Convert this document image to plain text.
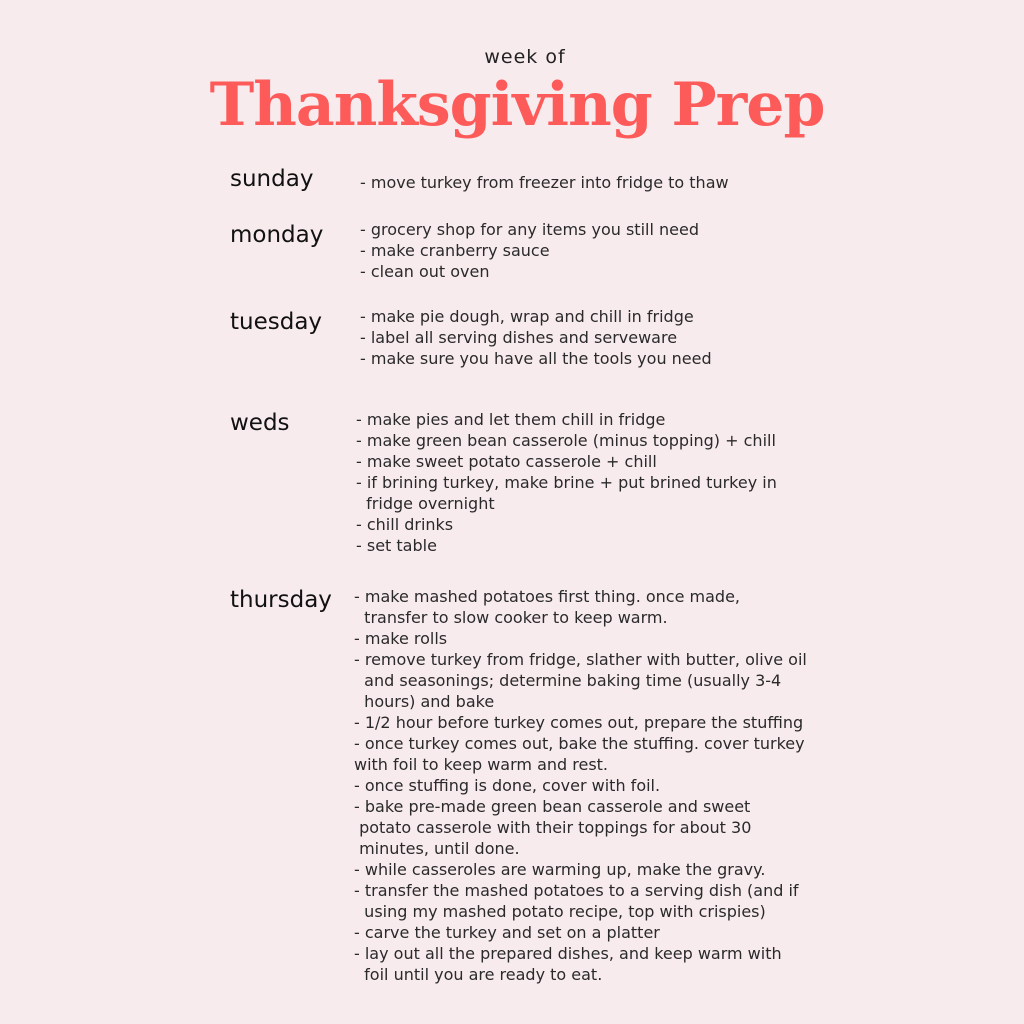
week of
Thanksgiving Prep
sunday	- move turkey from freezer into fridge to thaw
monday - grocery shop for any items you still need
- make cranberry sauce
- clean out oven
tuesday - make pie dough, wrap and chill in fridge
- label all serving dishes and serveware
- make sure you have all the tools you need
weds	- make pies and let them chill in fridge
- make green bean casserole (minus topping) + chill
- make sweet potato casserole + chill
- if brining turkey, make brine + put brined turkey in
fridge overnight
- chill drinks
- set table
thursday - make mashed potatoes first thing. once made,
transfer to slow cooker to keep warm.
- make rolls
- remove turkey from fridge, slather with butter, olive oil
and seasonings; determine baking time (usually 3-4
hours) and bake
- 1/2 hour before turkey comes out, prepare the stuffing
- once turkey comes out, bake the stuffing. cover turkey
with foil to keep warm and rest.
- once stuffing is done, cover with foil.
- bake pre-made green bean casserole and sweet
potato casserole with their toppings for about 30
minutes, until done.
- while casseroles are warming up, make the gravy.
- transfer the mashed potatoes to a serving dish (and if
using my mashed potato recipe, top with crispies)
- carve the turkey and set on a platter
- lay out all the prepared dishes, and keep warm with
foil until you are ready to eat.
